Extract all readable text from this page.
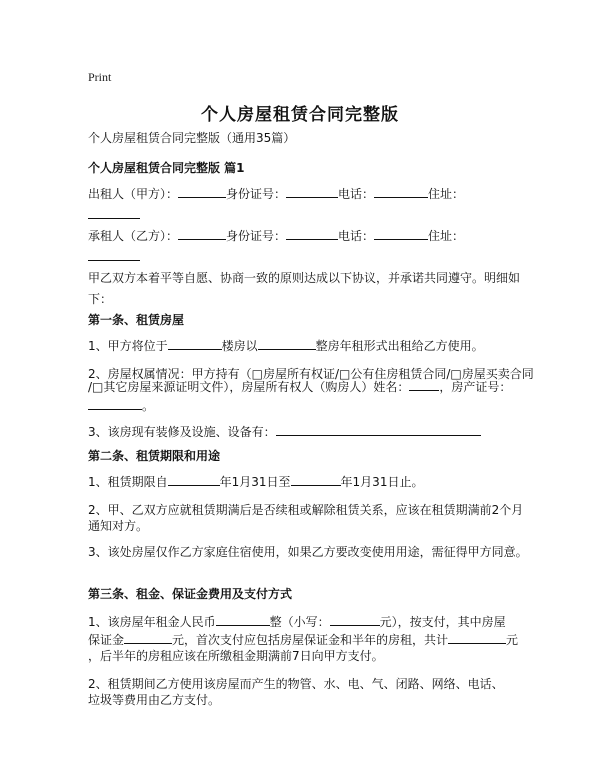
Print
个人房屋租赁合同完整版
个人房屋租赁合同完整版（通用35篇）
个人房屋租赁合同完整版 篇1
出租人（甲方）：	身份证号：	电话：	住址：
承租人（乙方）：	身份证号：	电话：	住址：
甲乙双方本着平等自愿、协商一致的原则达成以下协议，并承诺共同遵守。明细如
下：
第一条、租赁房屋
1、甲方将位于	楼房以	整房年租形式出租给乙方使用。
2、房屋权属情况：甲方持有（□房屋所有权证/□公有住房租赁合同/□房屋买卖合同
/□其它房屋来源证明文件），房屋所有权人（购房人）姓名：	，房产证号：
。
3、该房现有装修及设施、设备有：
第二条、租赁期限和用途
1、租赁期限自	年1月31日至	年1月31日止。
2、甲、乙双方应就租赁期满后是否续租或解除租赁关系，应该在租赁期满前2个月
通知对方。
3、该处房屋仅作乙方家庭住宿使用，如果乙方要改变使用用途，需征得甲方同意。
第三条、租金、保证金费用及支付方式
1、该房屋年租金人民币	整（小写：	元），按支付，其中房屋
保证金	元，首次支付应包括房屋保证金和半年的房租，共计	元
，后半年的房租应该在所缴租金期满前7日向甲方支付。
2、租赁期间乙方使用该房屋而产生的物管、水、电、气、闭路、网络、电话、
垃圾等费用由乙方支付。
